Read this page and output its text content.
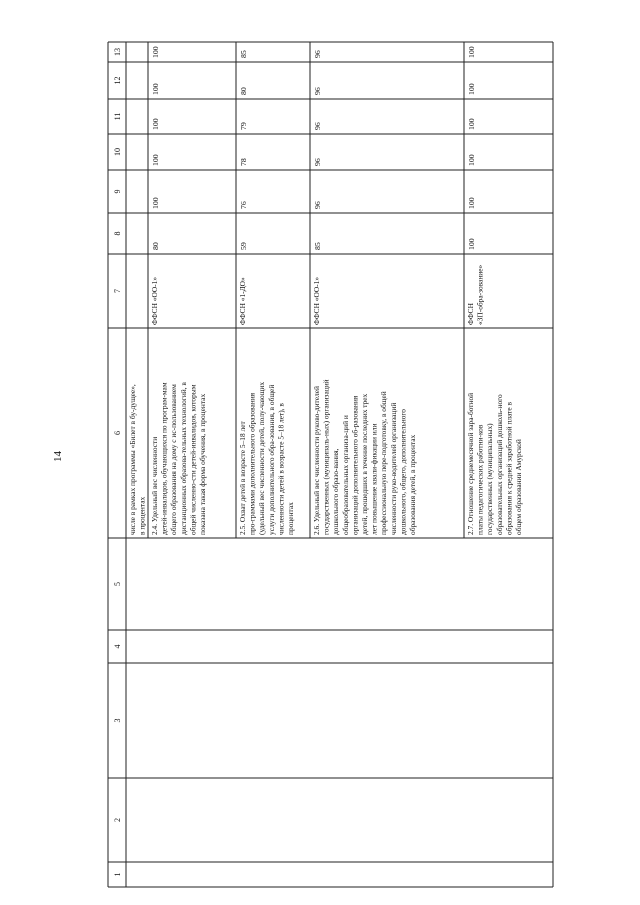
14
1
2
3
4
5
6
7
8
9
10
11
12
13
числе в рамках программы «Билет в бу-дущее», в процентах 2.4. Удельный вес численности детей-инвалидов, обучающихся по програм-мам общего образования на дому с ис-пользованием дистанционных образова-тельных технологий, в общей численно-сти детей-инвалидов, которым показана такая форма обучения, в процентах
ФФСН «ОО-1»
80
100
100
100
100
100
2.5. Охват детей в возрасте 5–18 лет про-граммами дополнительного образования (удельный вес численности детей, полу-чающих услуги дополнительного обра-зования, в общей численности детей в возрасте 5–18 лет), в процентах
ФФСН «1-ДО»
59
76
78
79
80
85
2.6. Удельный вес численности руково-дителей государственных (муниципаль-ных) организаций дошкольного образо-вания, общеобразовательных организа-ций и организаций дополнительного об-разования детей, прошедших в течение последних трех лет повышение квали-фикации или профессиональную пере-подготовку, в общей численности руко-водителей организаций дошкольного, общего, дополнительного образования детей, в процентах
ФФСН «ОО-1»
85
96
96
96
96
96
2.7. Отношение среднемесячной зара-ботной платы педагогических работни-ков государственных (муниципальных) образовательных организаций дошколь-ного образования к средней заработной плате в общем образовании Амурской
ФФСН «ЗП-обра-зование»
100
100
100
100
100
100
